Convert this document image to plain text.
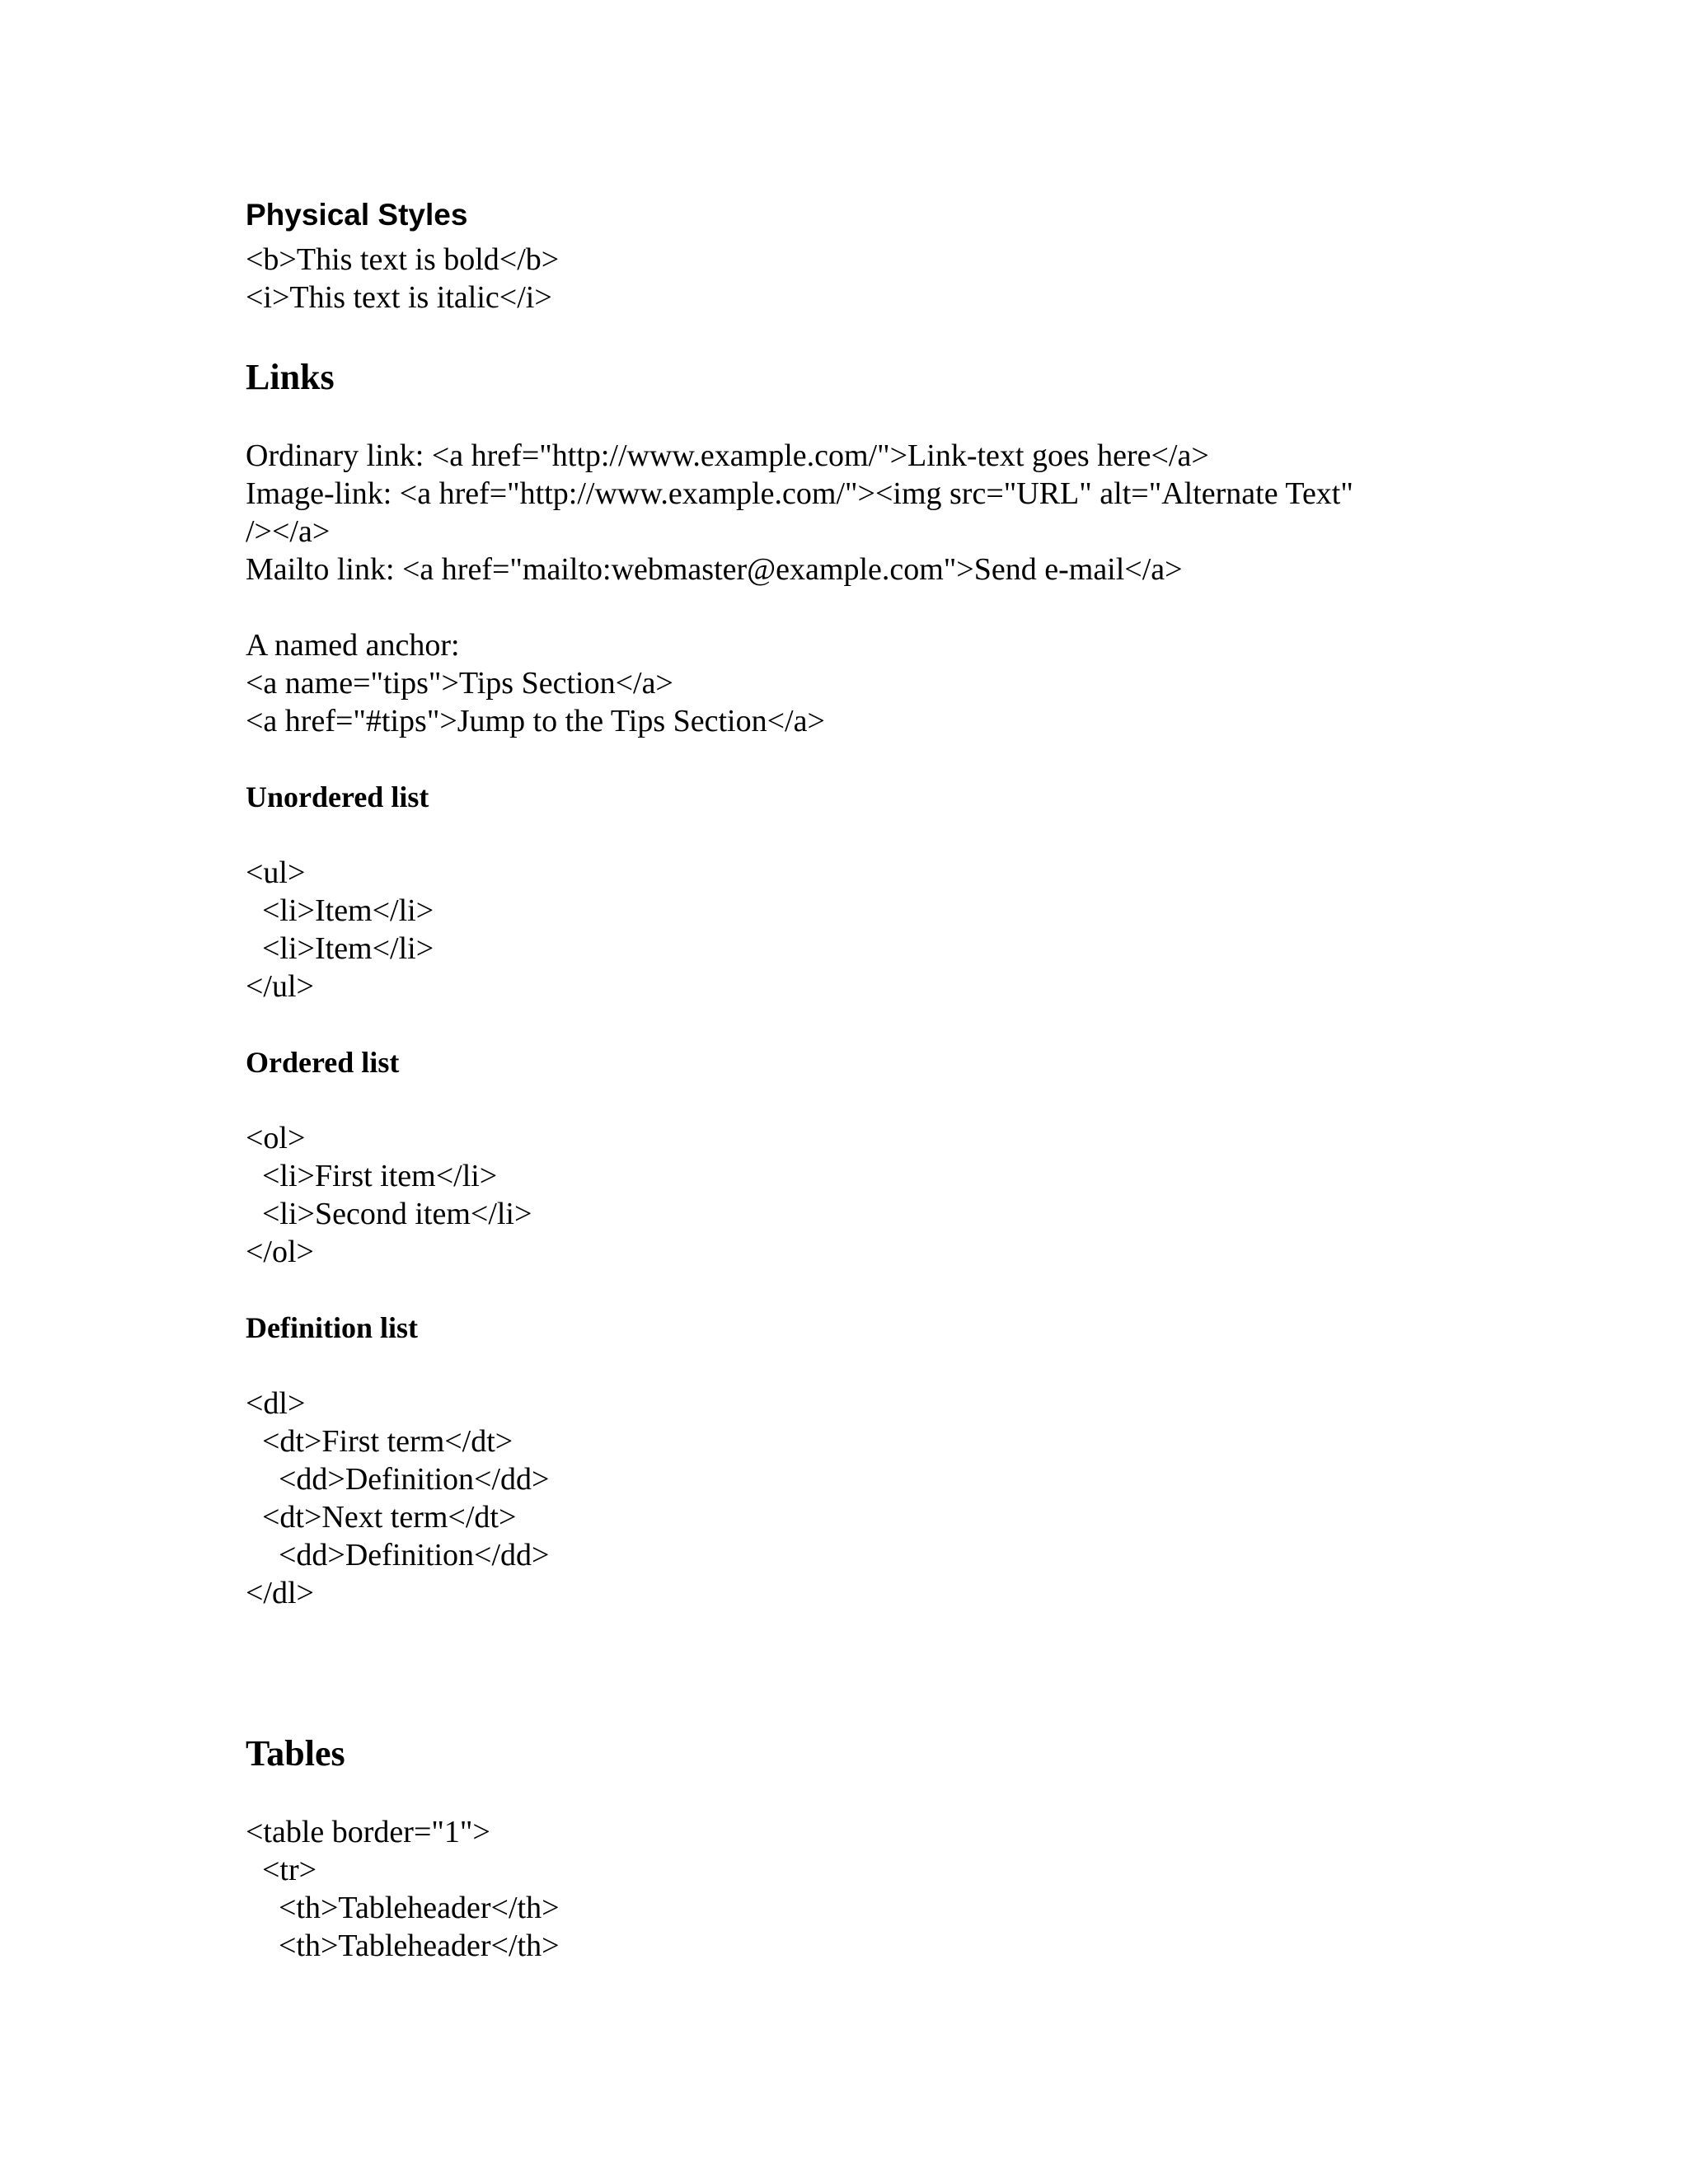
Physical Styles
<b>This text is bold</b>
<i>This text is italic</i>
Links
Ordinary link: <a href="http://www.example.com/">Link-text goes here</a>
Image-link: <a href="http://www.example.com/"><img src="URL" alt="Alternate Text"
/></a>
Mailto link: <a href="mailto:webmaster@example.com">Send e-mail</a>
A named anchor:
<a name="tips">Tips Section</a>
<a href="#tips">Jump to the Tips Section</a>
Unordered list
<ul>
<li>Item</li>
<li>Item</li>
</ul>
Ordered list
<ol>
<li>First item</li>
<li>Second item</li>
</ol>
Definition list
<dl>
<dt>First term</dt>
<dd>Definition</dd>
<dt>Next term</dt>
<dd>Definition</dd>
</dl>
Tables
<table border="1">
<tr>
<th>Tableheader</th>
<th>Tableheader</th>
